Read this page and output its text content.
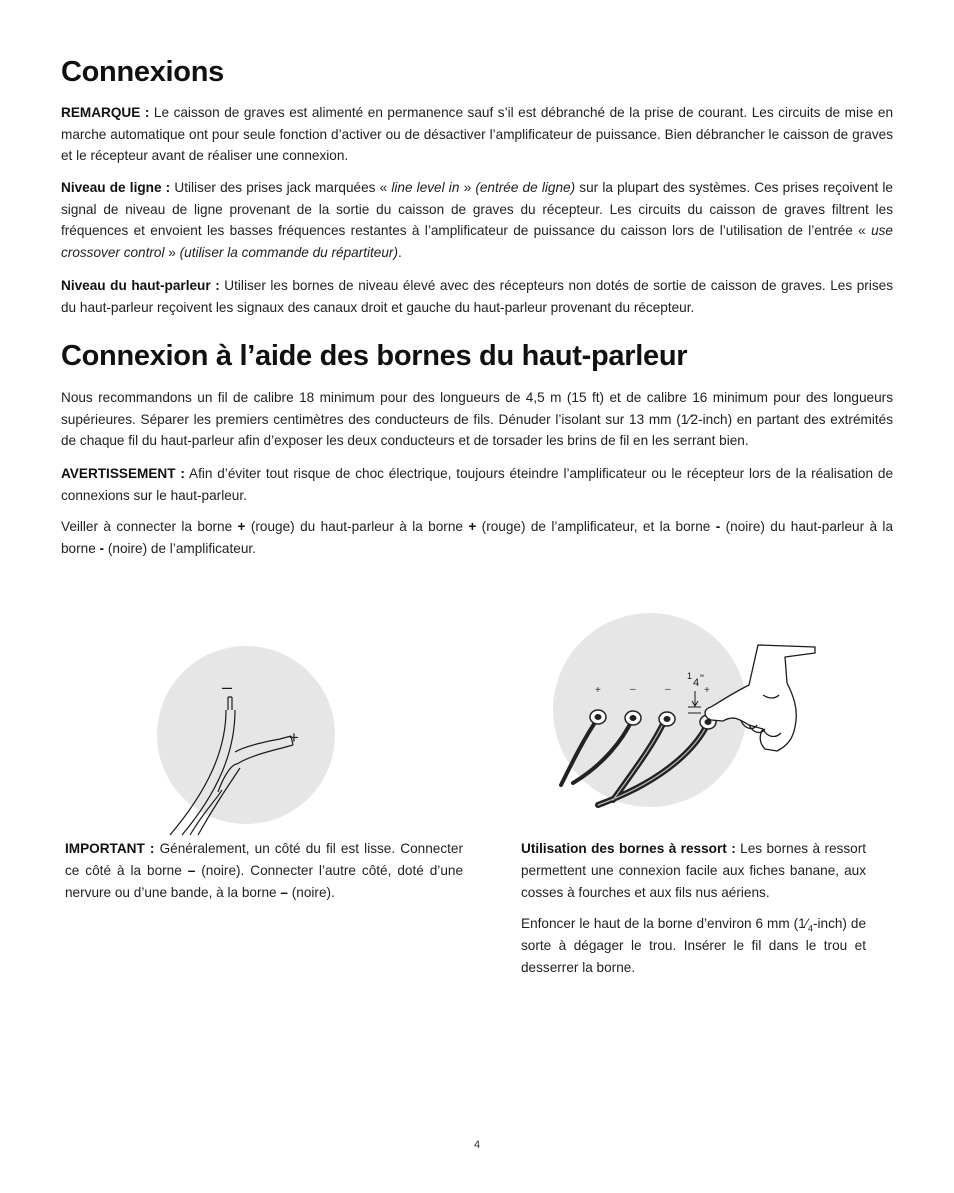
Connexions

REMARQUE : Le caisson de graves est alimenté en permanence sauf s’il est débranché de la prise de courant. Les circuits de mise en marche automatique ont pour seule fonction d’activer ou de désactiver l’amplificateur de puissance. Bien débrancher le caisson de graves et le récepteur avant de réaliser une connexion.

Niveau de ligne : Utiliser des prises jack marquées « line level in » (entrée de ligne) sur la plupart des systèmes. Ces prises reçoivent le signal de niveau de ligne provenant de la sortie du caisson de graves du récepteur. Les circuits du caisson de graves filtrent les fréquences et envoient les basses fréquences restantes à l’amplificateur de puissance du caisson lors de l’utilisation de l’entrée « use crossover control » (utiliser la commande du répartiteur).

Niveau du haut-parleur : Utiliser les bornes de niveau élevé avec des récepteurs non dotés de sortie de caisson de graves. Les prises du haut-parleur reçoivent les signaux des canaux droit et gauche du haut-parleur provenant du récepteur.

Connexion à l’aide des bornes du haut-parleur

Nous recommandons un fil de calibre 18 minimum pour des longueurs de 4,5 m (15 ft) et de calibre 16 minimum pour des longueurs supérieures. Séparer les premiers centimètres des conducteurs de fils. Dénuder l’isolant sur 13 mm (1⁄2-inch) en partant des extrémités de chaque fil du haut-parleur afin d’exposer les deux conducteurs et de torsader les brins de fil en les serrant bien.

AVERTISSEMENT : Afin d’éviter tout risque de choc électrique, toujours éteindre l’amplificateur ou le récepteur lors de la réalisation de connexions sur le haut-parleur.

Veiller à connecter la borne + (rouge) du haut-parleur à la borne + (rouge) de l’amplificateur, et la borne - (noire) du haut-parleur à la borne - (noire) de l’amplificateur.

–
+
+	–	–	+
1
4 "

IMPORTANT : Généralement, un côté du fil est lisse. Connecter ce côté à la borne – (noire). Connecter l’autre côté, doté d’une nervure ou d’une bande, à la borne – (noire).

Utilisation des bornes à ressort : Les bornes à ressort permettent une connexion facile aux fiches banane, aux cosses à fourches et aux fils nus aériens.

Enfoncer le haut de la borne d’environ 6 mm $(1⁄_4-inch)$ de sorte à dégager le trou. Insérer le fil dans le trou et desserrer la borne.

4
